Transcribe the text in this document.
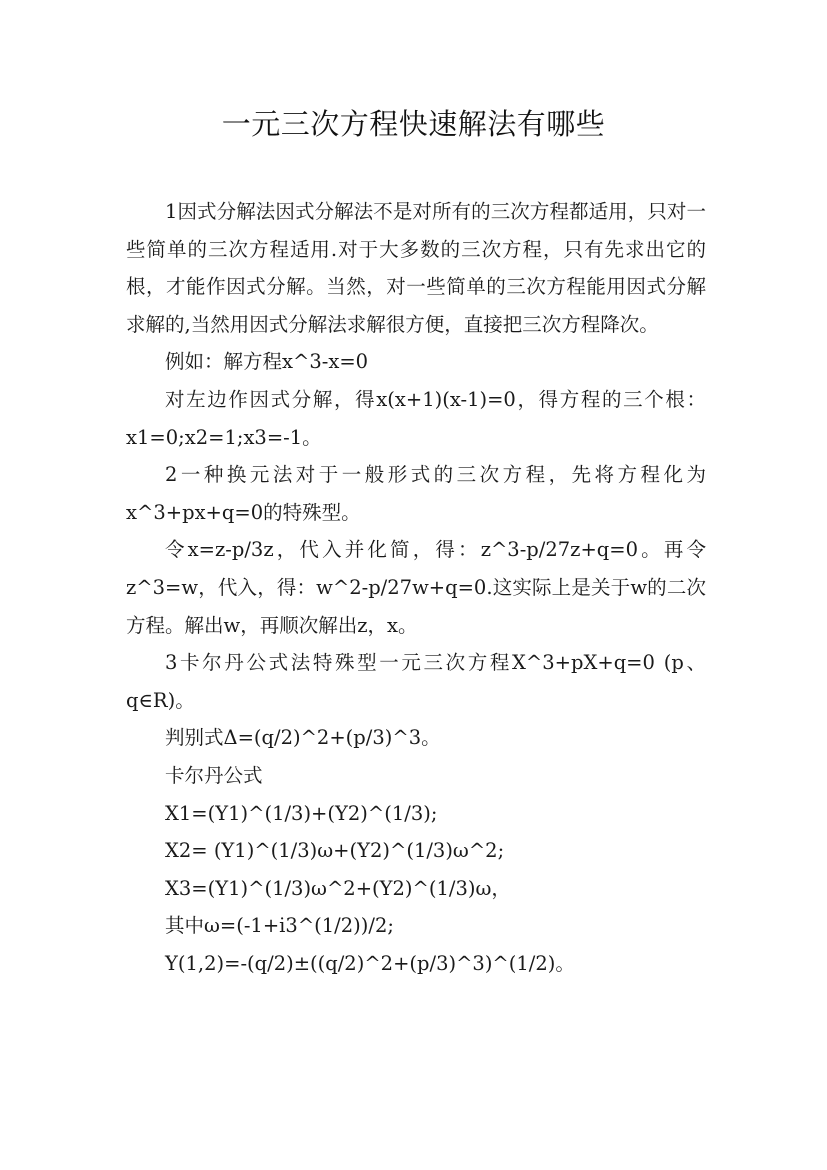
一元三次方程快速解法有哪些

1因式分解法因式分解法不是对所有的三次方程都适用，只对一些简单的三次方程适用.对于大多数的三次方程，只有先求出它的根，才能作因式分解。当然，对一些简单的三次方程能用因式分解求解的,当然用因式分解法求解很方便，直接把三次方程降次。

例如：解方程x^3-x=0

对左边作因式分解，得x(x+1)(x-1)=0，得方程的三个根：x1=0;x2=1;x3=-1。

2一种换元法对于一般形式的三次方程，先将方程化为x^3+px+q=0的特殊型。

令x=z-p/3z，代入并化简，得：z^3-p/27z+q=0。再令z^3=w，代入，得：w^2-p/27w+q=0.这实际上是关于w的二次方程。解出w，再顺次解出z，x。

3卡尔丹公式法特殊型一元三次方程X^3+pX+q=0 (p、q∈R)。

判别式Δ=(q/2)^2+(p/3)^3。

卡尔丹公式

X1=(Y1)^(1/3)+(Y2)^(1/3);

X2= (Y1)^(1/3)ω+(Y2)^(1/3)ω^2;

X3=(Y1)^(1/3)ω^2+(Y2)^(1/3)ω，

其中ω=(-1+i3^(1/2))/2;

Y(1,2)=-(q/2)±((q/2)^2+(p/3)^3)^(1/2)。
